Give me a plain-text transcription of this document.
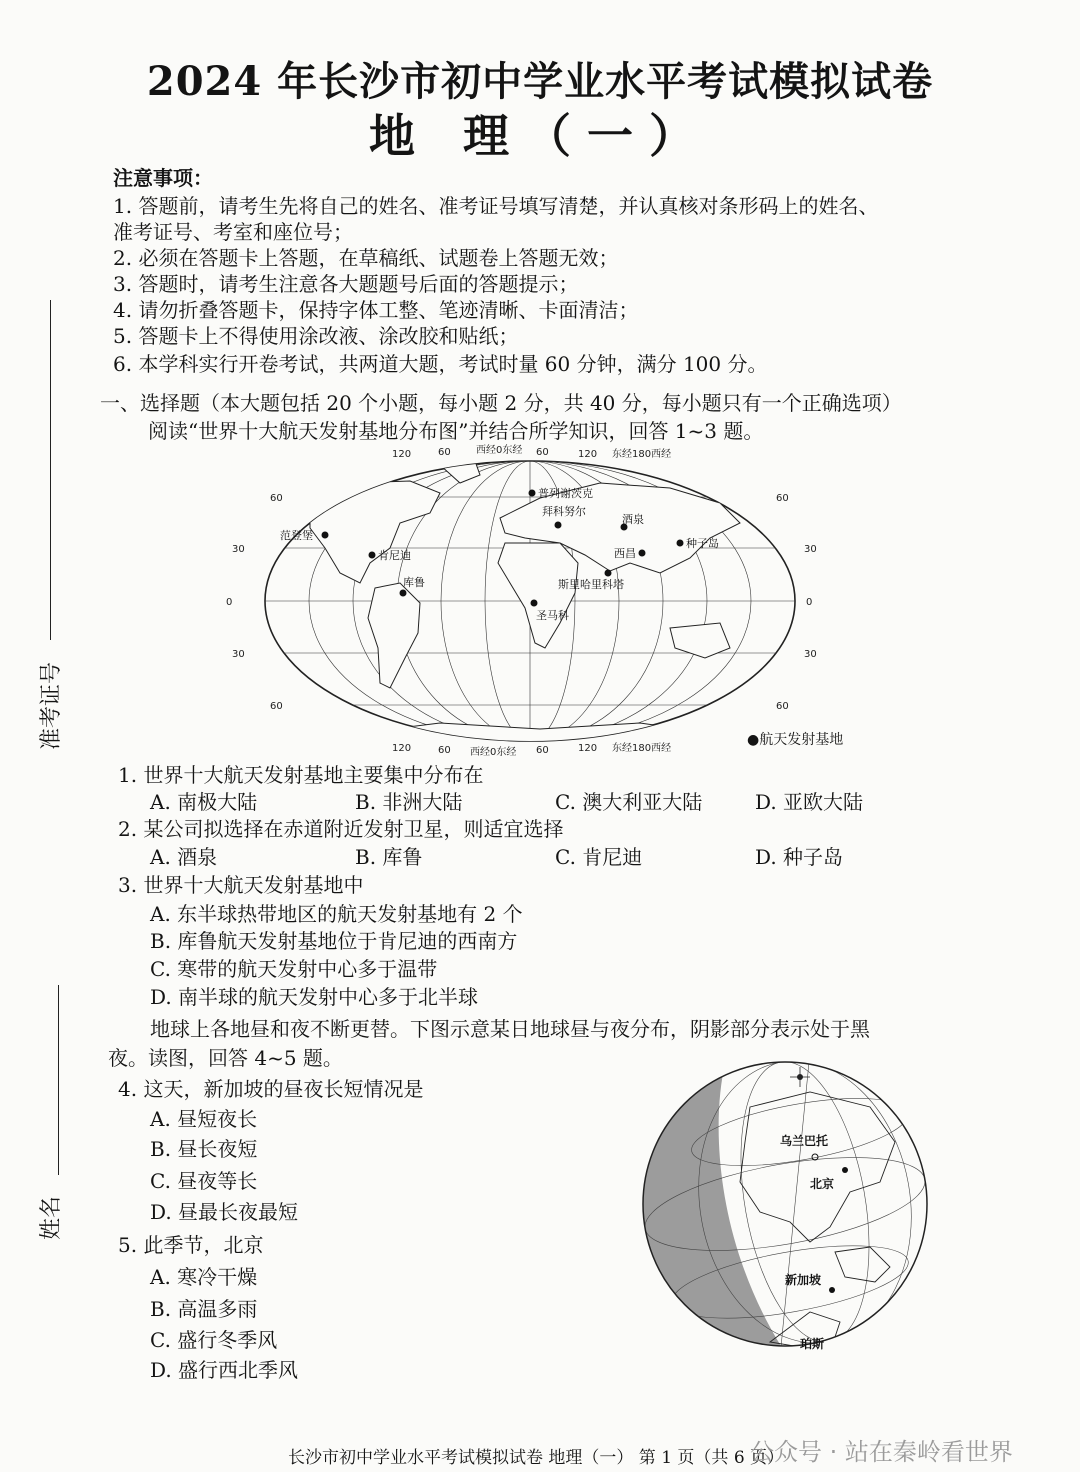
2024 年长沙市初中学业水平考试模拟试卷
地 理（一）
准考证号
姓名
注意事项：
1. 答题前，请考生先将自己的姓名、准考证号填写清楚，并认真核对条形码上的姓名、
准考证号、考室和座位号；
2. 必须在答题卡上答题，在草稿纸、试题卷上答题无效；
3. 答题时，请考生注意各大题题号后面的答题提示；
4. 请勿折叠答题卡，保持字体工整、笔迹清晰、卡面清洁；
5. 答题卡上不得使用涂改液、涂改胶和贴纸；
6. 本学科实行开卷考试，共两道大题，考试时量 60 分钟，满分 100 分。
一、选择题（本大题包括 20 个小题，每小题 2 分，共 40 分，每小题只有一个正确选项）
阅读“世界十大航天发射基地分布图”并结合所学知识，回答 1~3 题。
120	60	西经0东经 60	120 东经180西经
120	60 西经0东经 60	120 东经180西经
60
30
0
30
60
60
30
0
30
60
范登堡
肯尼迪
库鲁
普列谢茨克
拜科努尔
酒泉
种子岛
西昌
斯里哈里科塔
圣马科
●航天发射基地
1. 世界十大航天发射基地主要集中分布在
A. 南极大陆	B. 非洲大陆	C. 澳大利亚大陆	D. 亚欧大陆
2. 某公司拟选择在赤道附近发射卫星，则适宜选择
A. 酒泉	B. 库鲁	C. 肯尼迪	D. 种子岛
3. 世界十大航天发射基地中
A. 东半球热带地区的航天发射基地有 2 个
B. 库鲁航天发射基地位于肯尼迪的西南方
C. 寒带的航天发射中心多于温带
D. 南半球的航天发射中心多于北半球
地球上各地昼和夜不断更替。下图示意某日地球昼与夜分布，阴影部分表示处于黑
夜。读图，回答 4~5 题。
4. 这天，新加坡的昼夜长短情况是
A. 昼短夜长
B. 昼长夜短
C. 昼夜等长
D. 昼最长夜最短
5. 此季节，北京
A. 寒冷干燥
B. 高温多雨
C. 盛行冬季风
D. 盛行西北季风
乌兰巴托
北京
新加坡
珀斯
长沙市初中学业水平考试模拟试卷 地理（一） 第 1 页（共 6 页）
公众号 · 站在秦岭看世界
